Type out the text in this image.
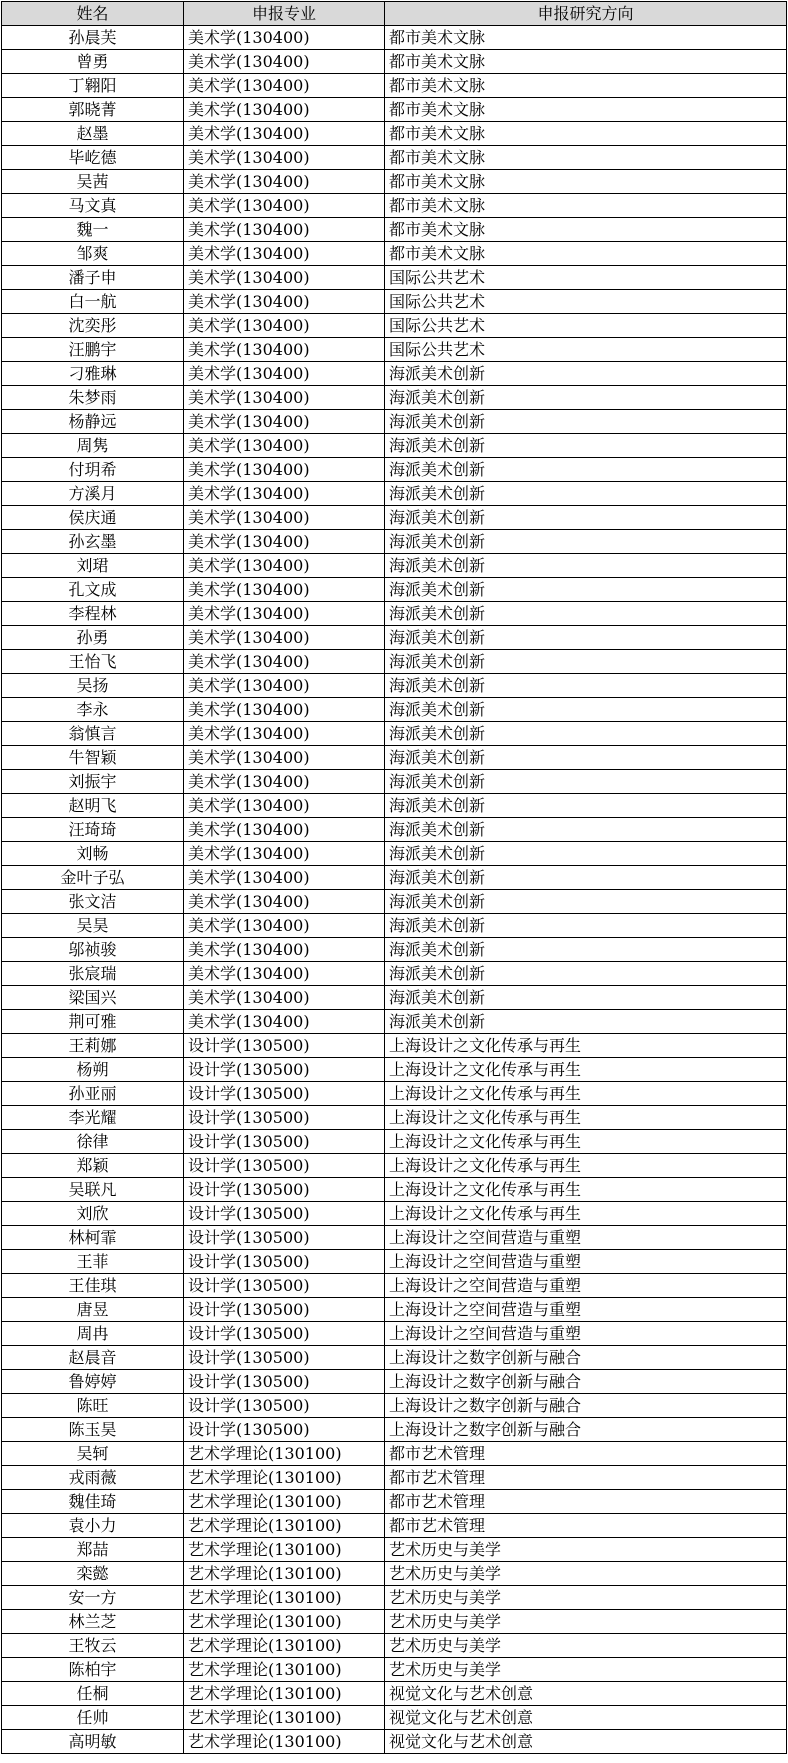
姓名	申报专业	申报研究方向
孙晨芙	美术学(130400)	都市美术文脉
曾勇	美术学(130400)	都市美术文脉
丁翱阳	美术学(130400)	都市美术文脉
郭晓菁	美术学(130400)	都市美术文脉
赵墨	美术学(130400)	都市美术文脉
毕屹德	美术学(130400)	都市美术文脉
吴茜	美术学(130400)	都市美术文脉
马文真	美术学(130400)	都市美术文脉
魏一	美术学(130400)	都市美术文脉
邹爽	美术学(130400)	都市美术文脉
潘子申	美术学(130400)	国际公共艺术
白一航	美术学(130400)	国际公共艺术
沈奕彤	美术学(130400)	国际公共艺术
汪鹏宇	美术学(130400)	国际公共艺术
刁雅琳	美术学(130400)	海派美术创新
朱梦雨	美术学(130400)	海派美术创新
杨静远	美术学(130400)	海派美术创新
周隽	美术学(130400)	海派美术创新
付玥希	美术学(130400)	海派美术创新
方溪月	美术学(130400)	海派美术创新
侯庆通	美术学(130400)	海派美术创新
孙玄墨	美术学(130400)	海派美术创新
刘珺	美术学(130400)	海派美术创新
孔文成	美术学(130400)	海派美术创新
李程林	美术学(130400)	海派美术创新
孙勇	美术学(130400)	海派美术创新
王怡飞	美术学(130400)	海派美术创新
吴扬	美术学(130400)	海派美术创新
李永	美术学(130400)	海派美术创新
翁慎言	美术学(130400)	海派美术创新
牛智颖	美术学(130400)	海派美术创新
刘振宇	美术学(130400)	海派美术创新
赵明飞	美术学(130400)	海派美术创新
汪琦琦	美术学(130400)	海派美术创新
刘畅	美术学(130400)	海派美术创新
金叶子弘	美术学(130400)	海派美术创新
张文洁	美术学(130400)	海派美术创新
吴昊	美术学(130400)	海派美术创新
邬祯骏	美术学(130400)	海派美术创新
张宸瑞	美术学(130400)	海派美术创新
梁国兴	美术学(130400)	海派美术创新
荆可雅	美术学(130400)	海派美术创新
王莉娜	设计学(130500)	上海设计之文化传承与再生
杨朔	设计学(130500)	上海设计之文化传承与再生
孙亚丽	设计学(130500)	上海设计之文化传承与再生
李光耀	设计学(130500)	上海设计之文化传承与再生
徐律	设计学(130500)	上海设计之文化传承与再生
郑颖	设计学(130500)	上海设计之文化传承与再生
吴联凡	设计学(130500)	上海设计之文化传承与再生
刘欣	设计学(130500)	上海设计之文化传承与再生
林柯霏	设计学(130500)	上海设计之空间营造与重塑
王菲	设计学(130500)	上海设计之空间营造与重塑
王佳琪	设计学(130500)	上海设计之空间营造与重塑
唐昱	设计学(130500)	上海设计之空间营造与重塑
周冉	设计学(130500)	上海设计之空间营造与重塑
赵晨音	设计学(130500)	上海设计之数字创新与融合
鲁婷婷	设计学(130500)	上海设计之数字创新与融合
陈旺	设计学(130500)	上海设计之数字创新与融合
陈玉昊	设计学(130500)	上海设计之数字创新与融合
吴轲	艺术学理论(130100)	都市艺术管理
戎雨薇	艺术学理论(130100)	都市艺术管理
魏佳琦	艺术学理论(130100)	都市艺术管理
袁小力	艺术学理论(130100)	都市艺术管理
郑喆	艺术学理论(130100)	艺术历史与美学
栾懿	艺术学理论(130100)	艺术历史与美学
安一方	艺术学理论(130100)	艺术历史与美学
林兰芝	艺术学理论(130100)	艺术历史与美学
王牧云	艺术学理论(130100)	艺术历史与美学
陈柏宇	艺术学理论(130100)	艺术历史与美学
任桐	艺术学理论(130100)	视觉文化与艺术创意
任帅	艺术学理论(130100)	视觉文化与艺术创意
高明敏	艺术学理论(130100)	视觉文化与艺术创意
